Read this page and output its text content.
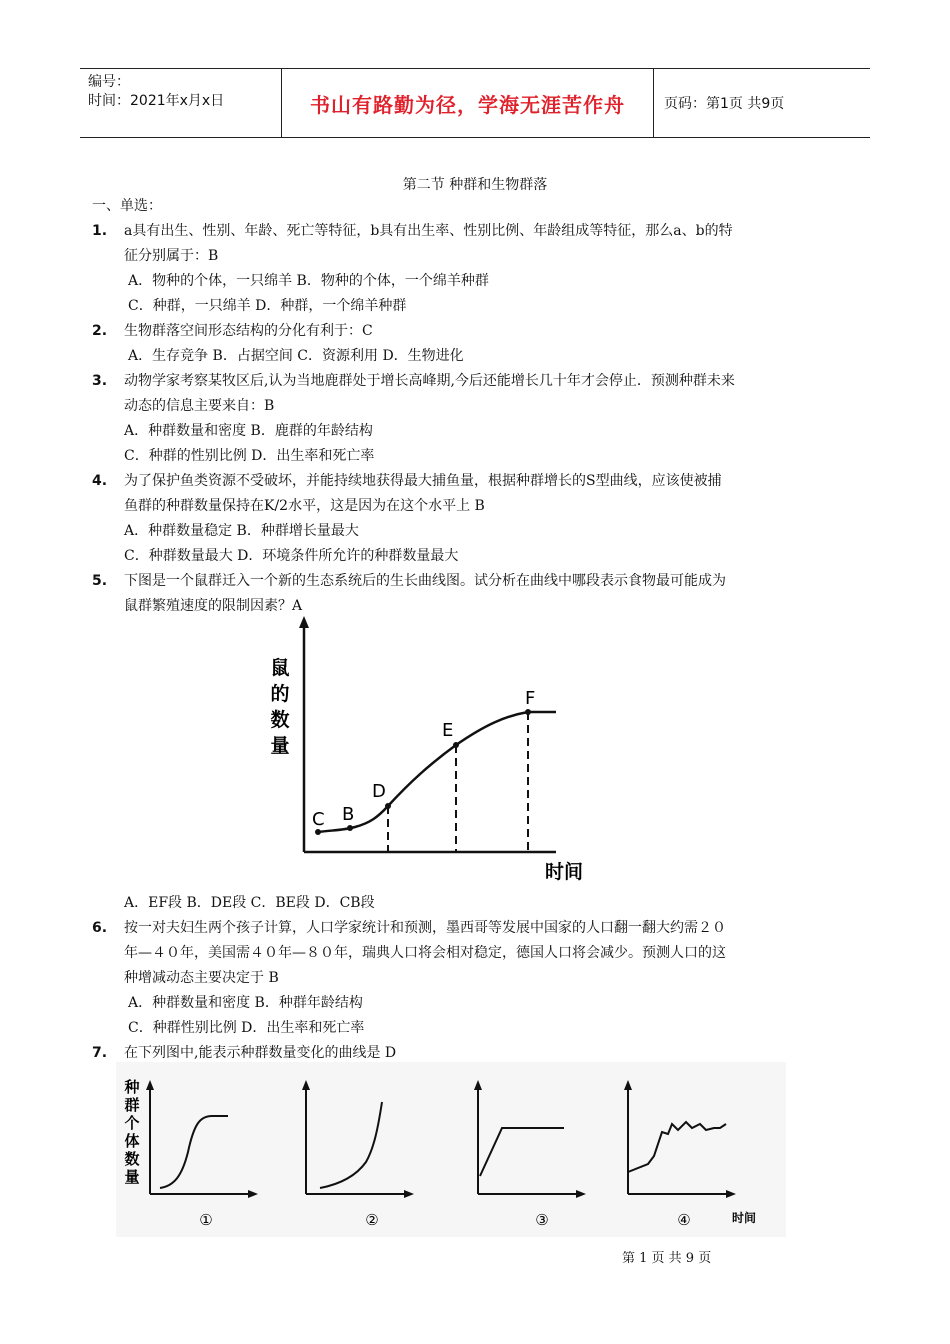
编号：
时间：2021年x月x日	书山有路勤为径，学海无涯苦作舟	页码：第1页 共9页
第二节 种群和生物群落
一、单选：
1. a具有出生、性别、年龄、死亡等特征，b具有出生率、性别比例、年龄组成等特征，那么a、b的特
征分别属于：B
A．物种的个体，一只绵羊 B．物种的个体，一个绵羊种群
C．种群，一只绵羊 D．种群，一个绵羊种群
2. 生物群落空间形态结构的分化有利于：C
A．生存竞争 B．占据空间 C．资源利用 D．生物进化
3. 动物学家考察某牧区后,认为当地鹿群处于增长高峰期,今后还能增长几十年才会停止．预测种群未来
动态的信息主要来自：B
A．种群数量和密度 B．鹿群的年龄结构
C．种群的性别比例 D．出生率和死亡率
4. 为了保护鱼类资源不受破坏，并能持续地获得最大捕鱼量，根据种群增长的S型曲线，应该使被捕
鱼群的种群数量保持在K/2水平，这是因为在这个水平上 B
A．种群数量稳定 B．种群增长量最大
C．种群数量最大 D．环境条件所允许的种群数量最大
5. 下图是一个鼠群迁入一个新的生态系统后的生长曲线图。试分析在曲线中哪段表示食物最可能成为
鼠群繁殖速度的限制因素？A
鼠
的
数
量
C B
D
E
F
时间
A．EF段 B．DE段 C．BE段 D．CB段
6. 按一对夫妇生两个孩子计算，人口学家统计和预测，墨西哥等发展中国家的人口翻一翻大约需２０
年—４０年，美国需４０年—８０年，瑞典人口将会相对稳定，德国人口将会减少。预测人口的这
种增减动态主要决定于 B
A．种群数量和密度 B．种群年龄结构
C．种群性别比例 D．出生率和死亡率
7. 在下列图中,能表示种群数量变化的曲线是 D
种
群
个
体
数
量
①	②	③	④	时间
第 1 页 共 9 页
